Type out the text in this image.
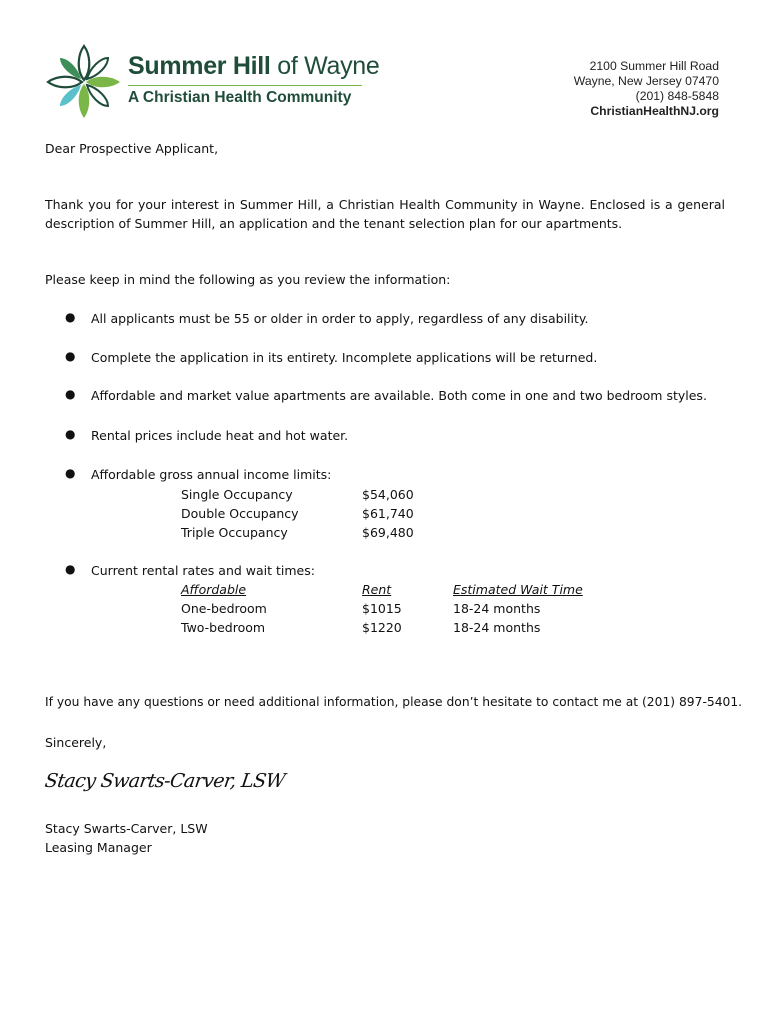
Summer Hill of Wayne
A Christian Health Community
2100 Summer Hill Road
Wayne, New Jersey 07470
(201) 848-5848
ChristianHealthNJ.org
Dear Prospective Applicant,
Thank you for your interest in Summer Hill, a Christian Health Community in Wayne. Enclosed is a general description of Summer Hill, an application and the tenant selection plan for our apartments.
Please keep in mind the following as you review the information:
● All applicants must be 55 or older in order to apply, regardless of any disability.
● Complete the application in its entirety. Incomplete applications will be returned.
● Affordable and market value apartments are available. Both come in one and two bedroom styles.
● Rental prices include heat and hot water.
● Affordable gross annual income limits:
Single Occupancy	$54,060
Double Occupancy	$61,740
Triple Occupancy	$69,480
● Current rental rates and wait times:
Affordable	Rent	Estimated Wait Time
One-bedroom	$1015	18-24 months
Two-bedroom	$1220	18-24 months
If you have any questions or need additional information, please don’t hesitate to contact me at (201) 897-5401.
Sincerely,
Stacy Swarts-Carver, LSW
Stacy Swarts-Carver, LSW
Leasing Manager
